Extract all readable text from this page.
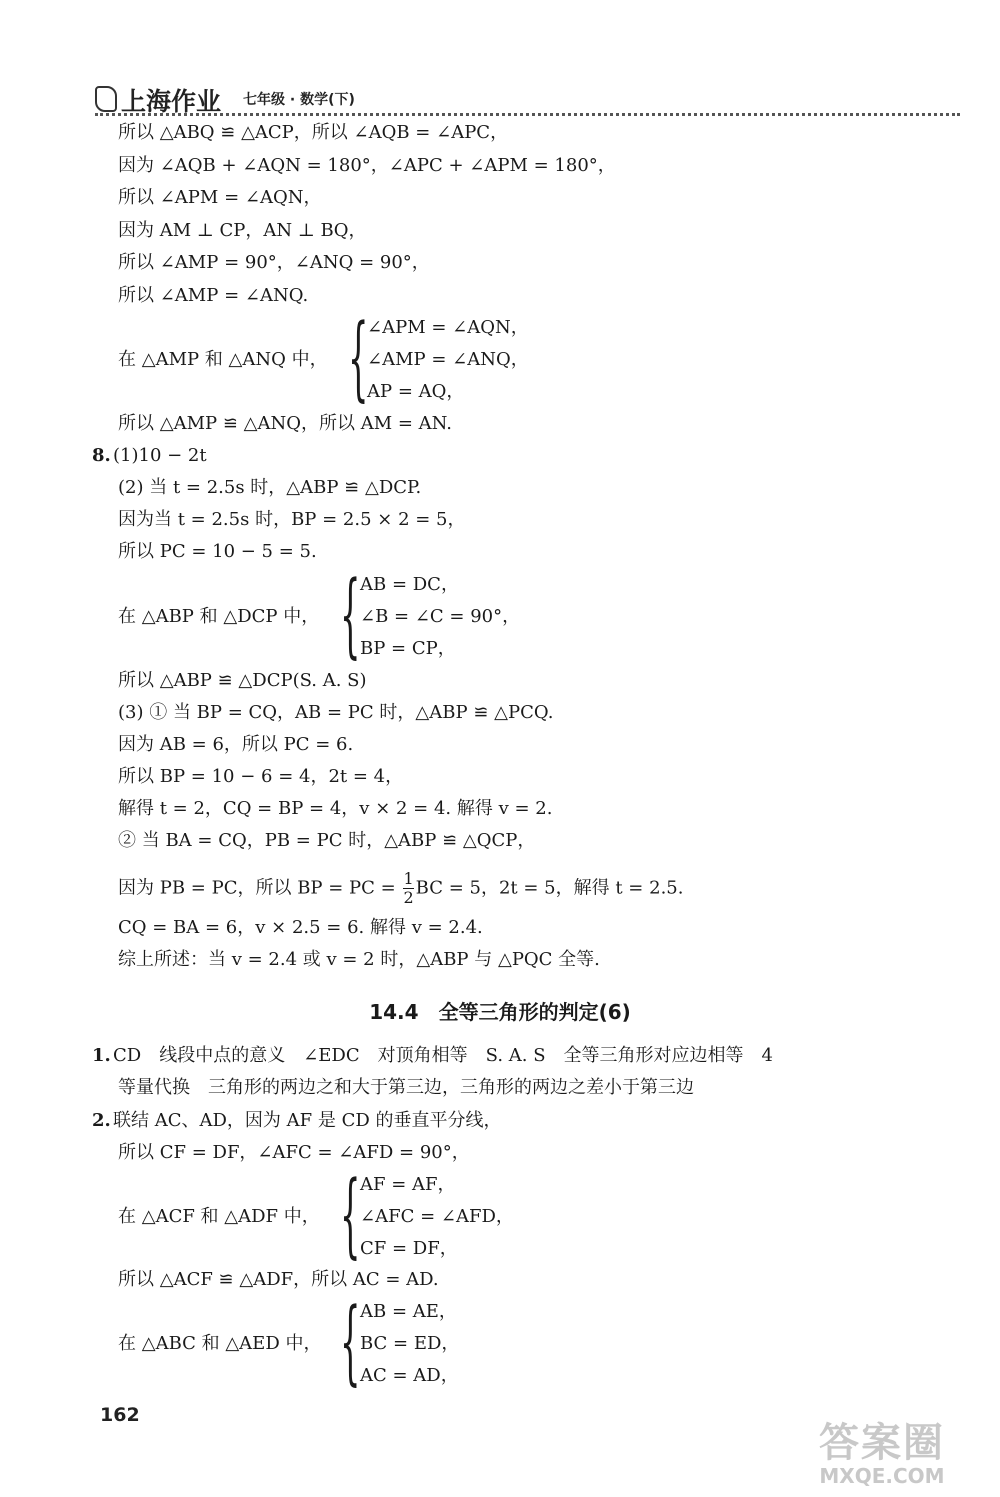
上海作业 七年级 · 数学(下)
所以 △ABQ ≌ △ACP，所以 ∠AQB = ∠APC，
因为 ∠AQB + ∠AQN = 180°，∠APC + ∠APM = 180°，
所以 ∠APM = ∠AQN，
因为 AM ⊥ CP，AN ⊥ BQ，
所以 ∠AMP = 90°，∠ANQ = 90°，
所以 ∠AMP = ∠ANQ.
在 △AMP 和 △ANQ 中， {
∠APM = ∠AQN，
∠AMP = ∠ANQ，
AP = AQ，
所以 △AMP ≌ △ANQ，所以 AM = AN.
8. (1)10 − 2t
(2) 当 t = 2.5s 时，△ABP ≌ △DCP.
因为当 t = 2.5s 时，BP = 2.5 × 2 = 5，
所以 PC = 10 − 5 = 5.
在 △ABP 和 △DCP 中， { AB = DC，
∠B = ∠C = 90°，
BP = CP，
所以 △ABP ≌ △DCP(S. A. S)
(3) ① 当 BP = CQ，AB = PC 时，△ABP ≌ △PCQ.
因为 AB = 6，所以 PC = 6.
所以 BP = 10 − 6 = 4，2t = 4，
解得 t = 2，CQ = BP = 4，v × 2 = 4. 解得 v = 2.
② 当 BA = CQ，PB = PC 时，△ABP ≌ △QCP，
因为 PB = PC，所以 BP = PC = $\frac{1}{2}$ BC = 5，2t = 5，解得 t = 2.5.
CQ = BA = 6，v × 2.5 = 6. 解得 v = 2.4.
综上所述：当 v = 2.4 或 v = 2 时，△ABP 与 △PQC 全等.
14.4　全等三角形的判定(6)
1. CD　线段中点的意义　∠EDC　对顶角相等　S. A. S　全等三角形对应边相等　4
等量代换　三角形的两边之和大于第三边，三角形的两边之差小于第三边
2. 联结 AC、AD，因为 AF 是 CD 的垂直平分线，
所以 CF = DF，∠AFC = ∠AFD = 90°，
在 △ACF 和 △ADF 中， { AF = AF，
∠AFC = ∠AFD，
CF = DF，
所以 △ACF ≌ △ADF，所以 AC = AD.
在 △ABC 和 △AED 中， { AB = AE，
BC = ED，
AC = AD，
162
答案圈
MXQE.COM
